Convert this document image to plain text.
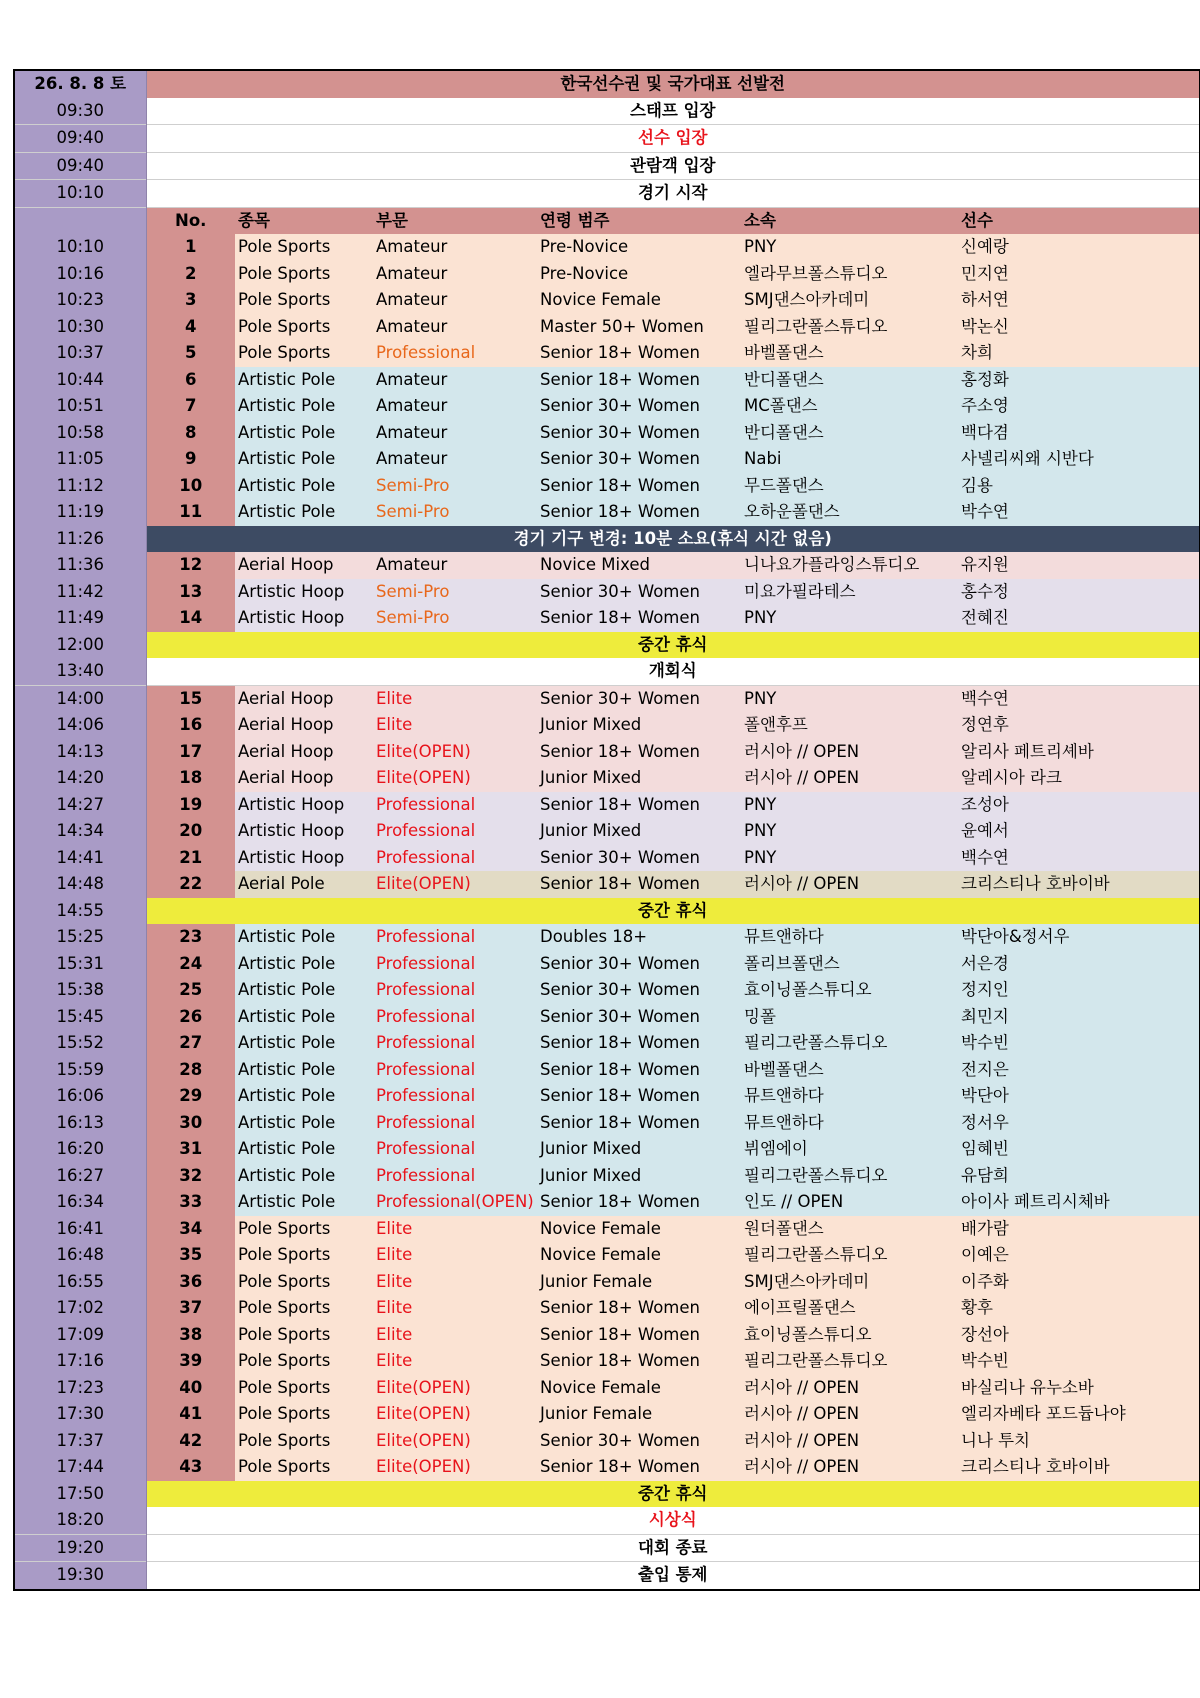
26. 8. 8 토	한국선수권 및 국가대표 선발전					
09:30	스태프 입장					
09:40	선수 입장					
09:40	관람객 입장					
10:10	경기 시작					
	No.	종목	부문	연령 범주	소속	선수
10:10	1	Pole Sports	Amateur	Pre-Novice	PNY	신예랑
10:16	2	Pole Sports	Amateur	Pre-Novice	엘라무브폴스튜디오	민지연
10:23	3	Pole Sports	Amateur	Novice Female	SMJ댄스아카데미	하서연
10:30	4	Pole Sports	Amateur	Master 50+ Women	필리그란폴스튜디오	박논신
10:37	5	Pole Sports	Professional	Senior 18+ Women	바벨폴댄스	차희
10:44	6	Artistic Pole	Amateur	Senior 18+ Women	반디폴댄스	홍정화
10:51	7	Artistic Pole	Amateur	Senior 30+ Women	MC폴댄스	주소영
10:58	8	Artistic Pole	Amateur	Senior 30+ Women	반디폴댄스	백다겸
11:05	9	Artistic Pole	Amateur	Senior 30+ Women	Nabi	사넬리씨왜 시반다
11:12	10	Artistic Pole	Semi-Pro	Senior 18+ Women	무드폴댄스	김용
11:19	11	Artistic Pole	Semi-Pro	Senior 18+ Women	오하운폴댄스	박수연
11:26	경기 기구 변경: 10분 소요(휴식 시간 없음)					
11:36	12	Aerial Hoop	Amateur	Novice Mixed	니나요가플라잉스튜디오	유지원
11:42	13	Artistic Hoop	Semi-Pro	Senior 30+ Women	미요가필라테스	홍수정
11:49	14	Artistic Hoop	Semi-Pro	Senior 18+ Women	PNY	전혜진
12:00	중간 휴식					
13:40	개회식					
14:00	15	Aerial Hoop	Elite	Senior 30+ Women	PNY	백수연
14:06	16	Aerial Hoop	Elite	Junior Mixed	폴앤후프	정연후
14:13	17	Aerial Hoop	Elite(OPEN)	Senior 18+ Women	러시아 // OPEN	알리사 페트리셰바
14:20	18	Aerial Hoop	Elite(OPEN)	Junior Mixed	러시아 // OPEN	알레시아 라크
14:27	19	Artistic Hoop	Professional	Senior 18+ Women	PNY	조성아
14:34	20	Artistic Hoop	Professional	Junior Mixed	PNY	윤예서
14:41	21	Artistic Hoop	Professional	Senior 30+ Women	PNY	백수연
14:48	22	Aerial Pole	Elite(OPEN)	Senior 18+ Women	러시아 // OPEN	크리스티나 호바이바
14:55	중간 휴식					
15:25	23	Artistic Pole	Professional	Doubles 18+	뮤트앤하다	박단아&정서우
15:31	24	Artistic Pole	Professional	Senior 30+ Women	폴리브폴댄스	서은경
15:38	25	Artistic Pole	Professional	Senior 30+ Women	효이닝폴스튜디오	정지인
15:45	26	Artistic Pole	Professional	Senior 30+ Women	밍폴	최민지
15:52	27	Artistic Pole	Professional	Senior 18+ Women	필리그란폴스튜디오	박수빈
15:59	28	Artistic Pole	Professional	Senior 18+ Women	바벨폴댄스	전지은
16:06	29	Artistic Pole	Professional	Senior 18+ Women	뮤트앤하다	박단아
16:13	30	Artistic Pole	Professional	Senior 18+ Women	뮤트앤하다	정서우
16:20	31	Artistic Pole	Professional	Junior Mixed	뷔엠에이	임혜빈
16:27	32	Artistic Pole	Professional	Junior Mixed	필리그란폴스튜디오	유담희
16:34	33	Artistic Pole	Professional(OPEN)	Senior 18+ Women	인도 // OPEN	아이사 페트리시체바
16:41	34	Pole Sports	Elite	Novice Female	원더폴댄스	배가람
16:48	35	Pole Sports	Elite	Novice Female	필리그란폴스튜디오	이예은
16:55	36	Pole Sports	Elite	Junior Female	SMJ댄스아카데미	이주화
17:02	37	Pole Sports	Elite	Senior 18+ Women	에이프릴폴댄스	황후
17:09	38	Pole Sports	Elite	Senior 18+ Women	효이닝폴스튜디오	장선아
17:16	39	Pole Sports	Elite	Senior 18+ Women	필리그란폴스튜디오	박수빈
17:23	40	Pole Sports	Elite(OPEN)	Novice Female	러시아 // OPEN	바실리나 유누소바
17:30	41	Pole Sports	Elite(OPEN)	Junior Female	러시아 // OPEN	엘리자베타 포드듑나야
17:37	42	Pole Sports	Elite(OPEN)	Senior 30+ Women	러시아 // OPEN	니나 투치
17:44	43	Pole Sports	Elite(OPEN)	Senior 18+ Women	러시아 // OPEN	크리스티나 호바이바
17:50	중간 휴식					
18:20	시상식					
19:20	대회 종료					
19:30	출입 통제					
